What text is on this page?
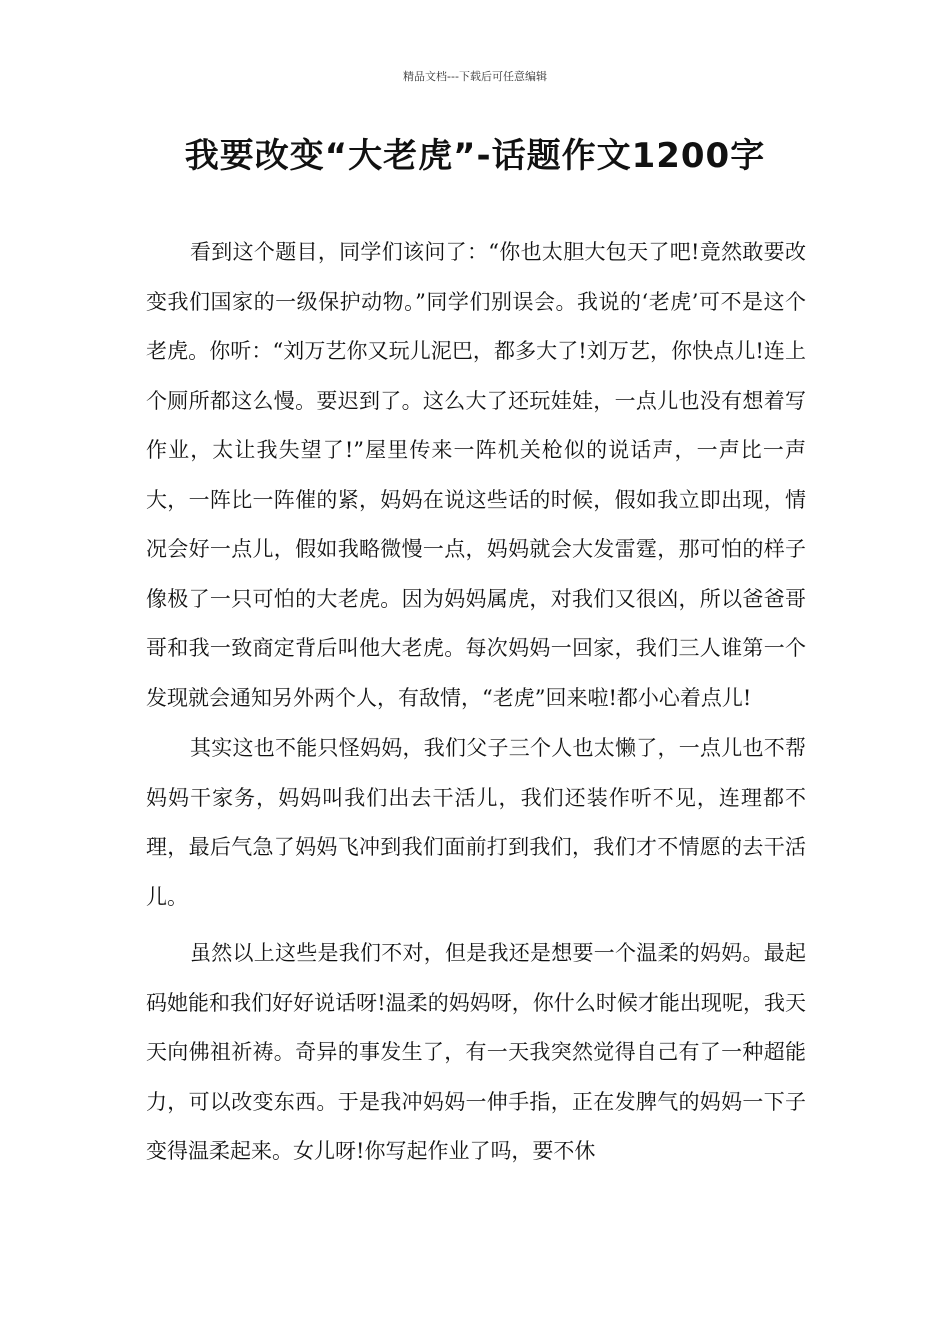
精品文档---下载后可任意编辑
我要改变“大老虎”-话题作文1200字

看到这个题目，同学们该问了：“你也太胆大包天了吧!竟然敢要改变我们国家的一级保护动物。”同学们别误会。我说的‘老虎’可不是这个老虎。你听：“刘万艺你又玩儿泥巴，都多大了!刘万艺，你快点儿!连上个厕所都这么慢。要迟到了。这么大了还玩娃娃，一点儿也没有想着写作业，太让我失望了!”屋里传来一阵机关枪似的说话声，一声比一声大，一阵比一阵催的紧，妈妈在说这些话的时候，假如我立即出现，情况会好一点儿，假如我略微慢一点，妈妈就会大发雷霆，那可怕的样子像极了一只可怕的大老虎。因为妈妈属虎，对我们又很凶，所以爸爸哥哥和我一致商定背后叫他大老虎。每次妈妈一回家，我们三人谁第一个发现就会通知另外两个人，有敌情，“老虎”回来啦!都小心着点儿!

其实这也不能只怪妈妈，我们父子三个人也太懒了，一点儿也不帮妈妈干家务，妈妈叫我们出去干活儿，我们还装作听不见，连理都不理，最后气急了妈妈飞冲到我们面前打到我们，我们才不情愿的去干活儿。

虽然以上这些是我们不对，但是我还是想要一个温柔的妈妈。最起码她能和我们好好说话呀!温柔的妈妈呀，你什么时候才能出现呢，我天天向佛祖祈祷。奇异的事发生了，有一天我突然觉得自己有了一种超能力，可以改变东西。于是我冲妈妈一伸手指，正在发脾气的妈妈一下子变得温柔起来。女儿呀!你写起作业了吗，要不休
